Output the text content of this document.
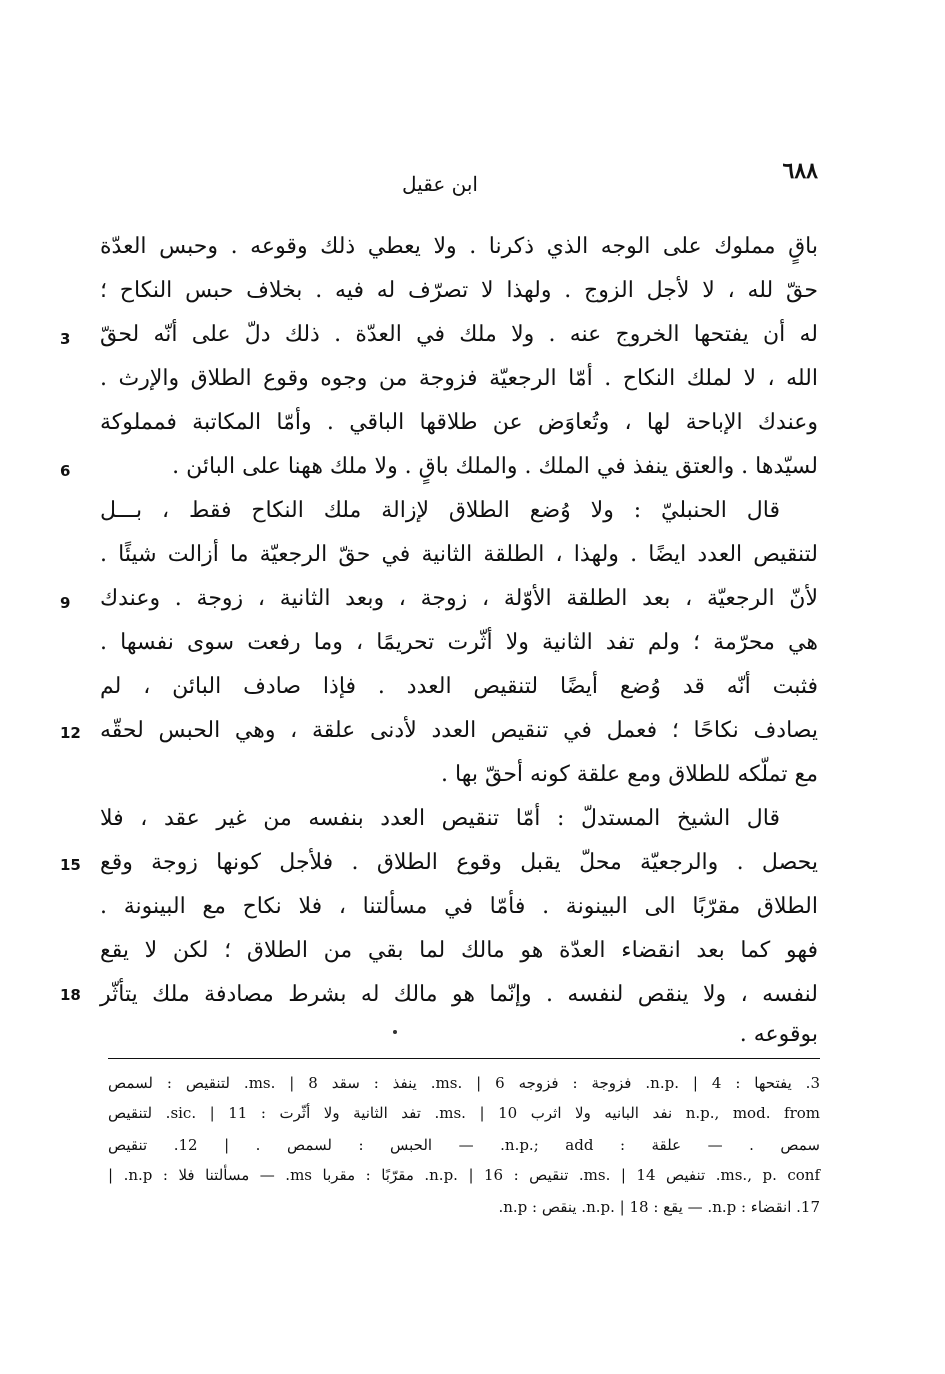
٦٨٨
ابن عقيل
باقٍ مملوك على الوجه الذي ذكرنا . ولا يعطي ذلك وقوعه . وحبس العدّة
حقّ لله ، لا لأجل الزوج . ولهذا لا تصرّف له فيه . بخلاف حبس النكاح ؛
له أن يفتحها الخروج عنه . ولا ملك في العدّة . ذلك دلّ على أنّه لحقّ
الله ، لا لملك النكاح . أمّا الرجعيّة فزوجة من وجوه وقوع الطلاق والإرث .
وعندك الإباحة لها ، وتُعاوَض عن طلاقها الباقي . وأمّا المكاتبة فمملوكة
لسيّدها . والعتق ينفذ في الملك . والملك باقٍ . ولا ملك ههنا على البائن .
قال الحنبليّ : ولا وُضع الطلاق لإزالة ملك النكاح فقط ، بـــل
لتنقيص العدد ايضًا . ولهذا ، الطلقة الثانية في حقّ الرجعيّة ما أزالت شيئًا .
لأنّ الرجعيّة ، بعد الطلقة الأوّلة ، زوجة ، وبعد الثانية ، زوجة . وعندك
هي محرّمة ؛ ولم تفد الثانية ولا أثّرت تحريمًا ، وما رفعت سوى نفسها .
فثبت أنّه قد وُضع أيضًا لتنقيص العدد . فإذا صادف البائن ، لم
يصادف نكاحًا ؛ فعمل في تنقيص العدد لأدنى علقة ، وهي الحبس لحقّه
مع تملّكه للطلاق ومع علقة كونه أحقّ بها .
قال الشيخ المستدلّ : أمّا تنقيص العدد بنفسه من غير عقد ، فلا
يحصل . والرجعيّة محلّ يقبل وقوع الطلاق . فلأجل كونها زوجة وقع
الطلاق مقرّبًا الى البينونة . فأمّا في مسألتنا ، فلا نكاح مع البينونة .
فهو كما بعد انقضاء العدّة هو مالك لما بقي من الطلاق ؛ لكن لا يقع
لنفسه ، ولا ينقص لنفسه . وإنّما هو مالك له بشرط مصادفة ملك يتأثّر
بوقوعه .
3
6
9
12
15
18
3. يفتحها : n.p. | 4. فزوجة : فزوجه ms. | 6. ينفذ : سقد ms. | 8. لتنقيص : لسمص
n.p., mod. from نفد البانيه ولا اثرب ms. | 10. تفد الثانية ولا أثّرت : sic. | 11. لتنقيص
سمص . — علقة : n.p.; add. — الحبس : لسمص . | 12. تنقيص
ms., p. conf. تنفيص ms. | 14. تنقيص : n.p. | 16. مقرّبًا : مقربا ms. — مسألتنا فلا : n.p. |
17. انقضاء : n.p. — يقع : n.p. | 18. ينقص : n.p.
